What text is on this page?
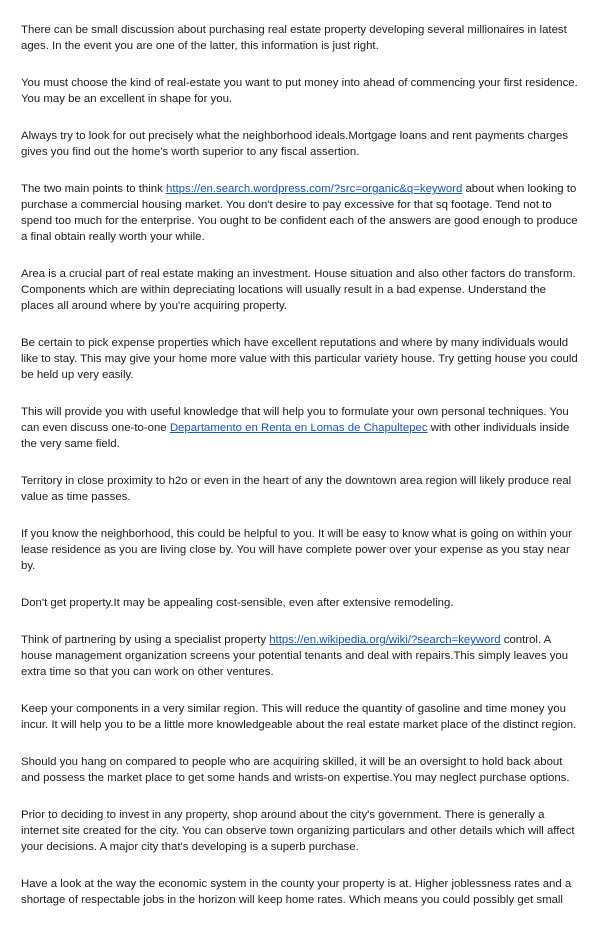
There can be small discussion about purchasing real estate property developing several millionaires in latest ages. In the event you are one of the latter, this information is just right.

You must choose the kind of real-estate you want to put money into ahead of commencing your first residence. You may be an excellent in shape for you.

Always try to look for out precisely what the neighborhood ideals.Mortgage loans and rent payments charges gives you find out the home's worth superior to any fiscal assertion.

The two main points to think https://en.search.wordpress.com/?src=organic&q=keyword about when looking to purchase a commercial housing market. You don't desire to pay excessive for that sq footage. Tend not to spend too much for the enterprise. You ought to be confident each of the answers are good enough to produce a final obtain really worth your while.

Area is a crucial part of real estate making an investment. House situation and also other factors do transform. Components which are within depreciating locations will usually result in a bad expense. Understand the places all around where by you're acquiring property.

Be certain to pick expense properties which have excellent reputations and where by many individuals would like to stay. This may give your home more value with this particular variety house. Try getting house you could be held up very easily.

This will provide you with useful knowledge that will help you to formulate your own personal techniques. You can even discuss one-to-one Departamento en Renta en Lomas de Chapultepec with other individuals inside the very same field.

Territory in close proximity to h2o or even in the heart of any the downtown area region will likely produce real value as time passes.

If you know the neighborhood, this could be helpful to you. It will be easy to know what is going on within your lease residence as you are living close by. You will have complete power over your expense as you stay near by.

Don't get property.It may be appealing cost-sensible, even after extensive remodeling.

Think of partnering by using a specialist property https://en.wikipedia.org/wiki/?search=keyword control. A house management organization screens your potential tenants and deal with repairs.This simply leaves you extra time so that you can work on other ventures.

Keep your components in a very similar region. This will reduce the quantity of gasoline and time money you incur. It will help you to be a little more knowledgeable about the real estate market place of the distinct region.

Should you hang on compared to people who are acquiring skilled, it will be an oversight to hold back about and possess the market place to get some hands and wrists-on expertise.You may neglect purchase options.

Prior to deciding to invest in any property, shop around about the city's government. There is generally a internet site created for the city. You can observe town organizing particulars and other details which will affect your decisions. A major city that's developing is a superb purchase.

Have a look at the way the economic system in the county your property is at. Higher joblessness rates and a shortage of respectable jobs in the horizon will keep home rates. Which means you could possibly get small
